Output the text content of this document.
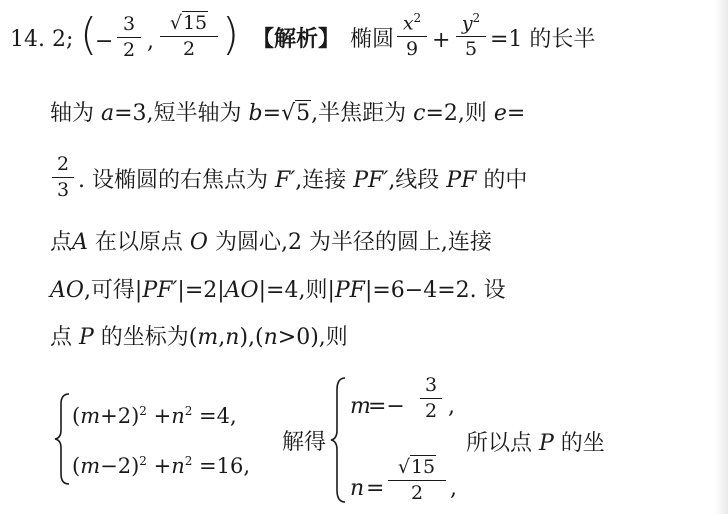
14. 2; (
−
3
2 ,
√15
2 ) 【解析】 椭圆
$x^2$
9 +
$y^2$
5 =1 的长半
轴为 a=3,短半轴为 b=√5,半焦距为 c=2,则 e=
2
3 . 设椭圆的右焦点为 F′,连接 PF′,线段 PF 的中
点A 在以原点 O 为圆心,2 为半径的圆上,连接
AO,可得|PF′|=2|AO|=4,则|PF|=6−4=2. 设
点 P 的坐标为(m,n),(n>0),则
$(m+2)^2 +n^2 =4$,
$(m-2)^2 +n^2 =16$,
解得
m
=−
3
2 ,
n =
√15
2	,
所以点 P 的坐
